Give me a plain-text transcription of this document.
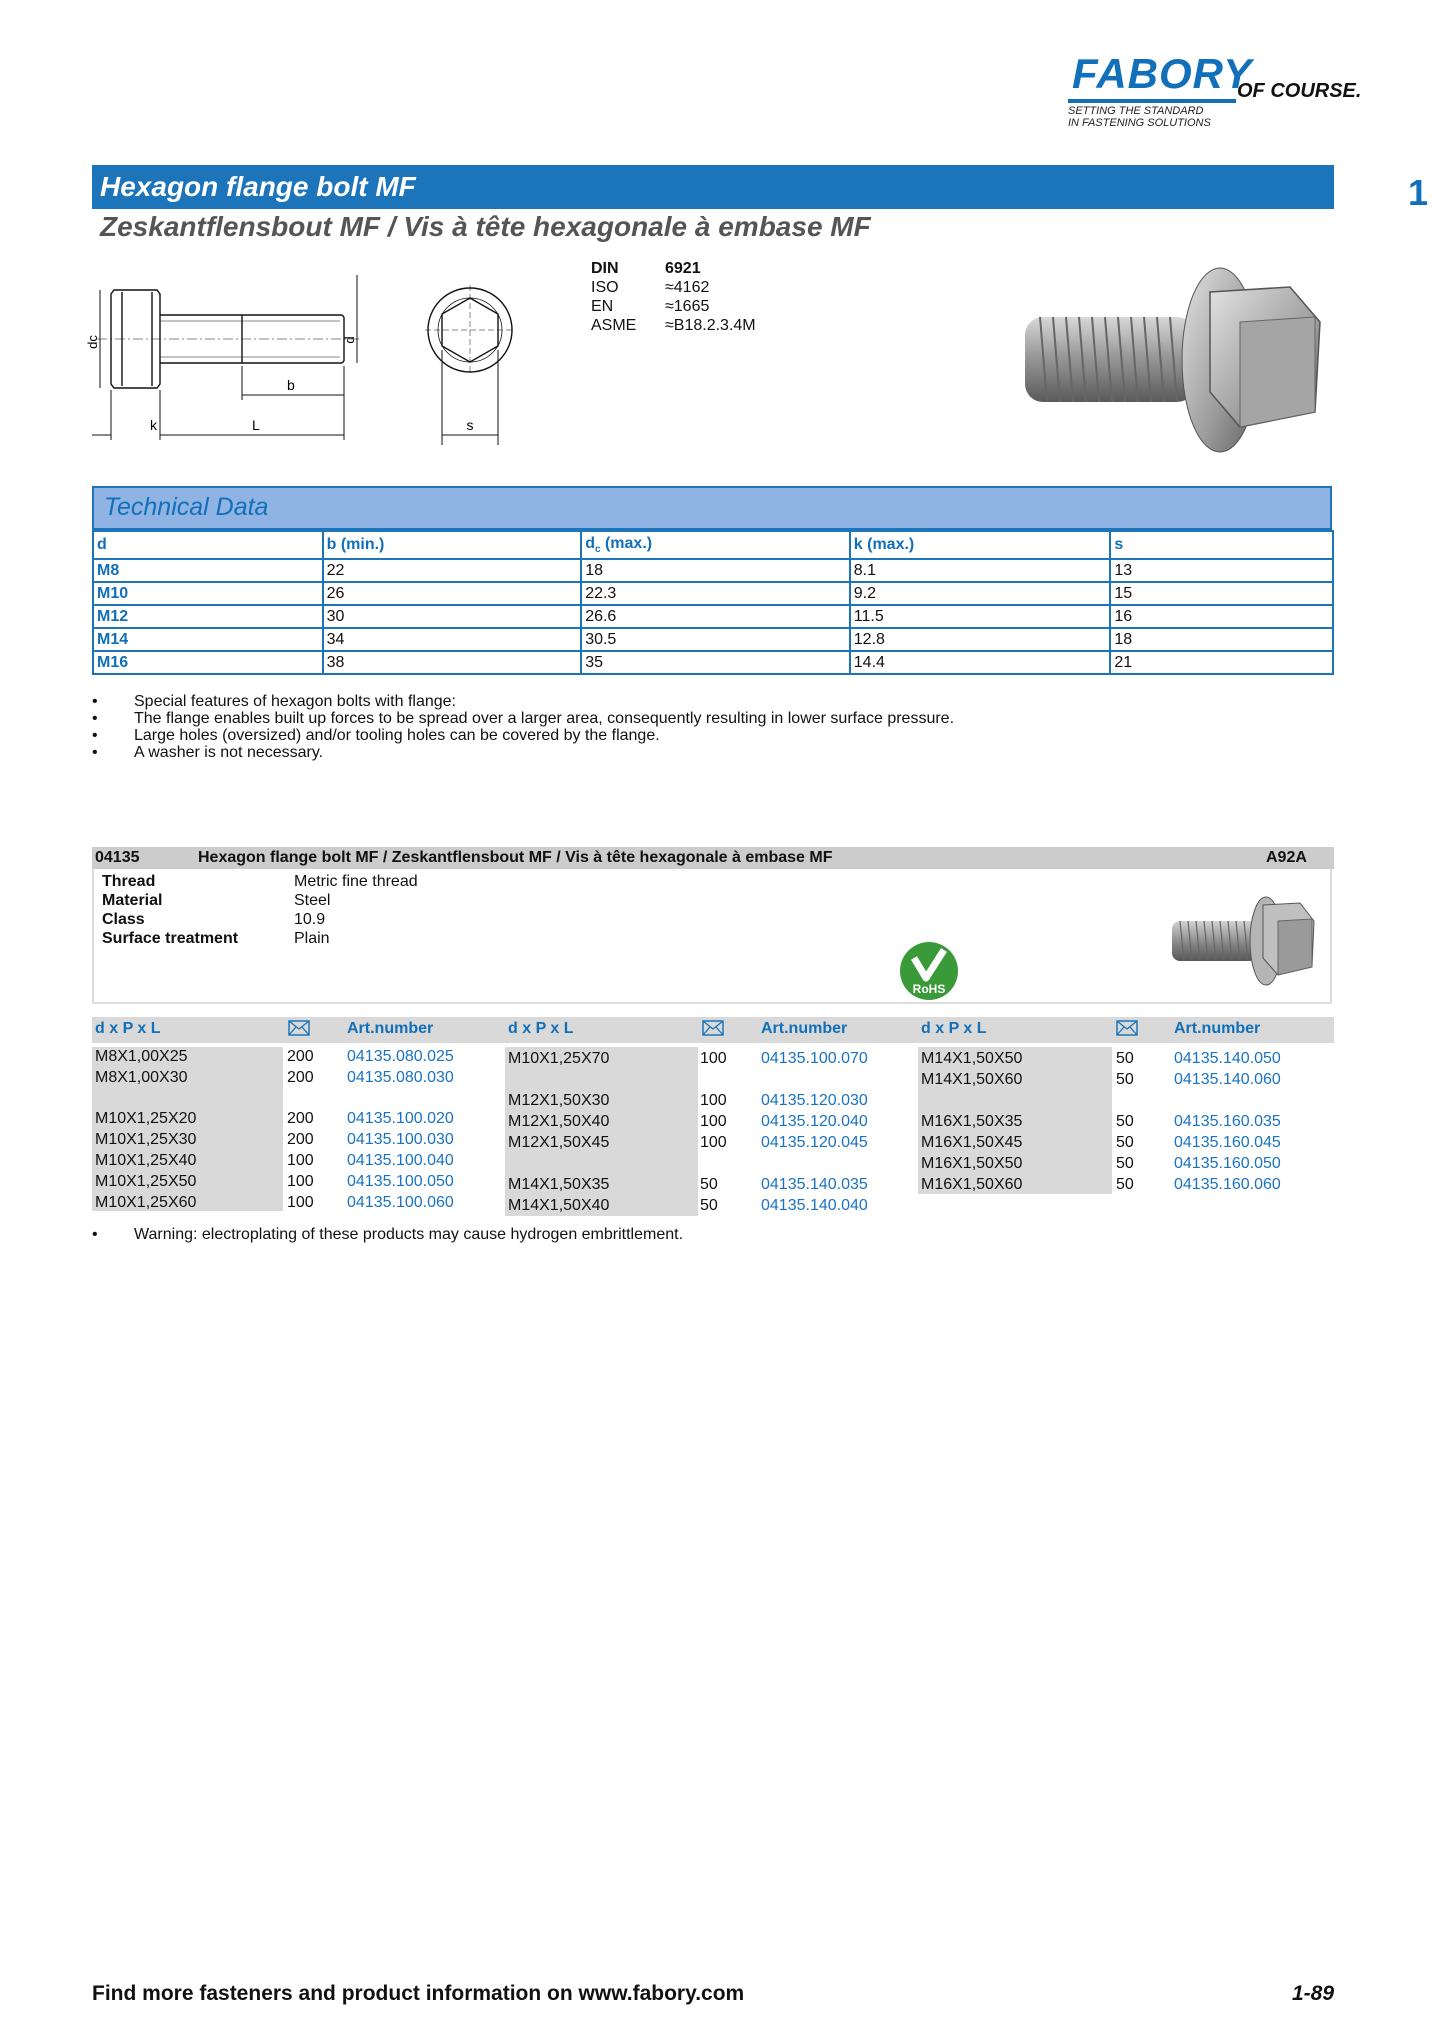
FABORY
OF COURSE.
SETTING THE STANDARD
IN FASTENING SOLUTIONS
1
Hexagon flange bolt MF
Zeskantflensbout MF / Vis à tête hexagonale à embase MF
dc	d
b
k	L	s
DIN	6921
ISO	≈4162
EN	≈1665
ASME ≈B18.2.3.4M
Technical Data
d	b (min.)	$d_c$ (max.)	k (max.)	s
M8	22	18	8.1	13
M10	26	22.3	9.2	15
M12	30	26.6	11.5	16
M14	34	30.5	12.8	18
M16	38	35	14.4	21
• Special features of hexagon bolts with flange:
• The flange enables built up forces to be spread over a larger area, consequently resulting in lower surface pressure.
• Large holes (oversized) and/or tooling holes can be covered by the flange.
• A washer is not necessary.
04135	Hexagon flange bolt MF / Zeskantflensbout MF / Vis à tête hexagonale à embase MF	A92A
Thread	Metric fine thread
Material	Steel
Class	10.9
Surface treatment	Plain
RoHS
d x P x L	Art.number	d x P x L	Art.number	d x P x L	Art.number
M8X1,00X25	200 04135.080.025
M8X1,00X30	200 04135.080.030
M10X1,25X20	200 04135.100.020
M10X1,25X30	200 04135.100.030
M10X1,25X40	100 04135.100.040
M10X1,25X50	100 04135.100.050
M10X1,25X60	100 04135.100.060
M10X1,25X70	100 04135.100.070
M12X1,50X30	100 04135.120.030
M12X1,50X40	100 04135.120.040
M12X1,50X45	100 04135.120.045
M14X1,50X35	50	04135.140.035
M14X1,50X40	50	04135.140.040
M14X1,50X50	50	04135.140.050
M14X1,50X60	50	04135.140.060
M16X1,50X35	50	04135.160.035
M16X1,50X45	50	04135.160.045
M16X1,50X50	50	04135.160.050
M16X1,50X60	50	04135.160.060
• Warning: electroplating of these products may cause hydrogen embrittlement.
Find more fasteners and product information on www.fabory.com	1-89
